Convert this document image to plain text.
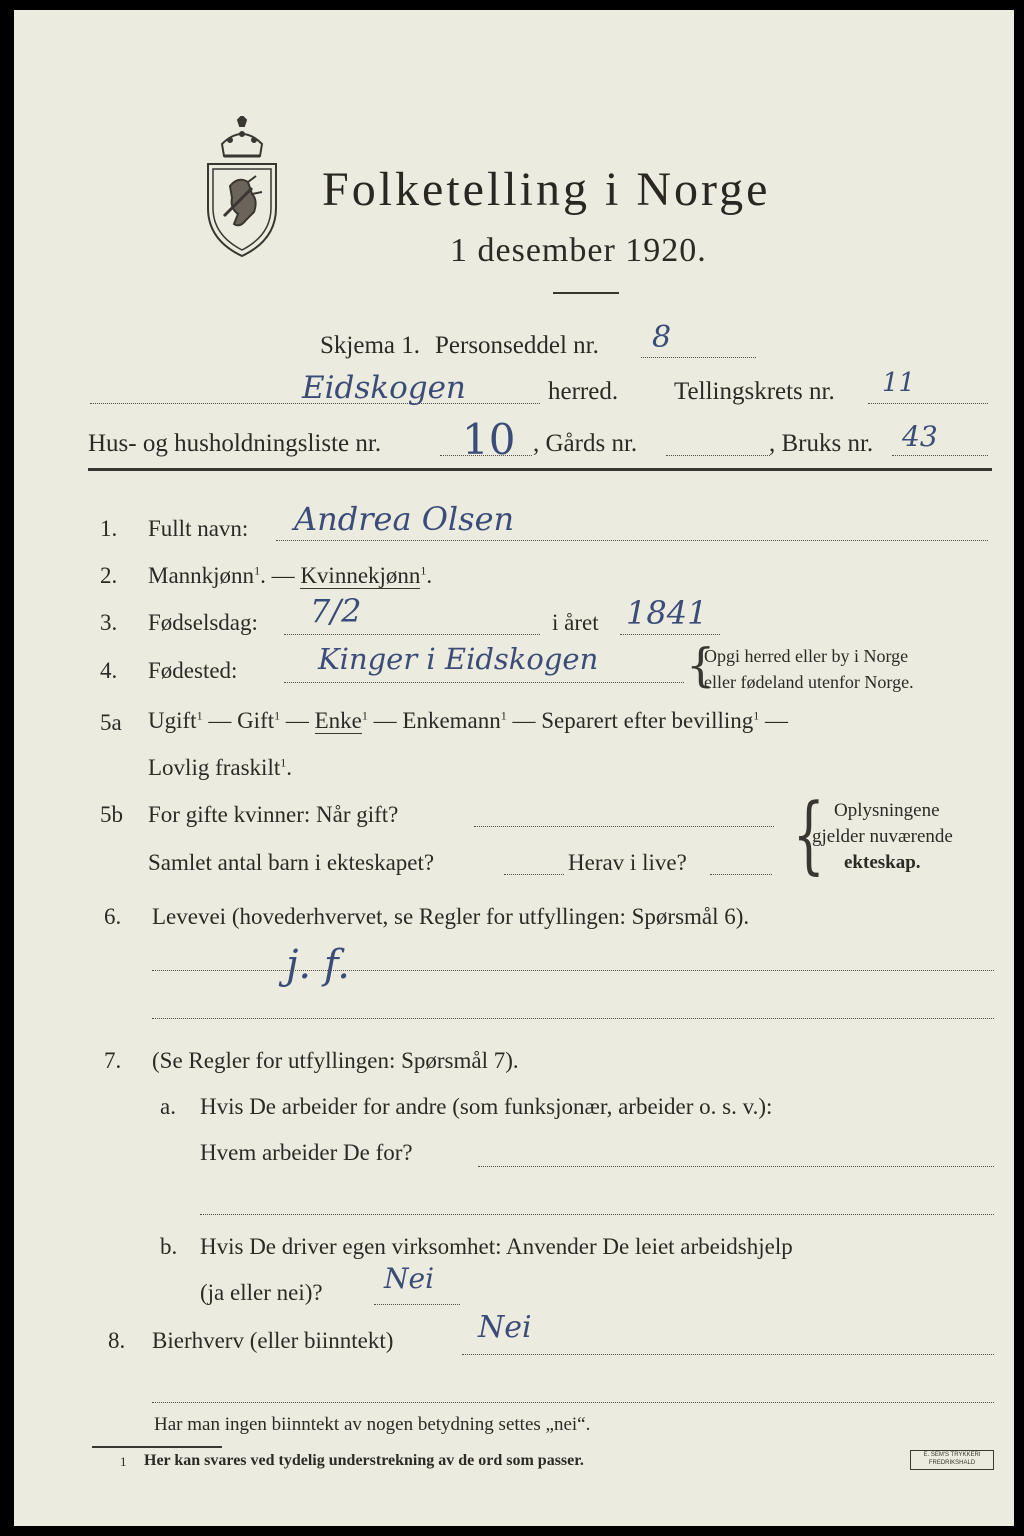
Folketelling i Norge
1 desember 1920.
Skjema 1. Personseddel nr. 8
Eidskogen	herred. Tellingskrets nr. 11
Hus- og husholdningsliste nr. 10 , Gårds nr.	, Bruks nr. 43
1. Fullt navn: Andrea Olsen
2. Mannkjønn$^1$. — Kvinnekjønn$^1$.
3. Fødselsdag: 7/2	i året 1841
4. Fødested:	Kinger i Eidskogen {
Opgi herred eller by i Norge
eller fødeland utenfor Norge.
5a Ugift$^1$ — Gift$^1$ — Enke$^1$ — Enkemann$^1$ — Separert efter bevilling$^1$ —
Lovlig fraskilt$^1$.
5b For gifte kvinner: Når gift?
Samlet antal barn i ekteskapet?	Herav i live? { Oplysningene
gjelder nuværende
ekteskap.
6. Levevei (hovederhvervet, se Regler for utfyllingen: Spørsmål 6).
j. f.
7. (Se Regler for utfyllingen: Spørsmål 7).
a. Hvis De arbeider for andre (som funksjonær, arbeider o. s. v.):
Hvem arbeider De for?
b. Hvis De driver egen virksomhet: Anvender De leiet arbeidshjelp
(ja eller nei)? Nei
8. Bierhverv (eller biinntekt)	Nei
Har man ingen biinntekt av nogen betydning settes „nei“.
1 Her kan svares ved tydelig understrekning av de ord som passer.	E. SEM'S TRYKKERI FREDRIKSHALD
